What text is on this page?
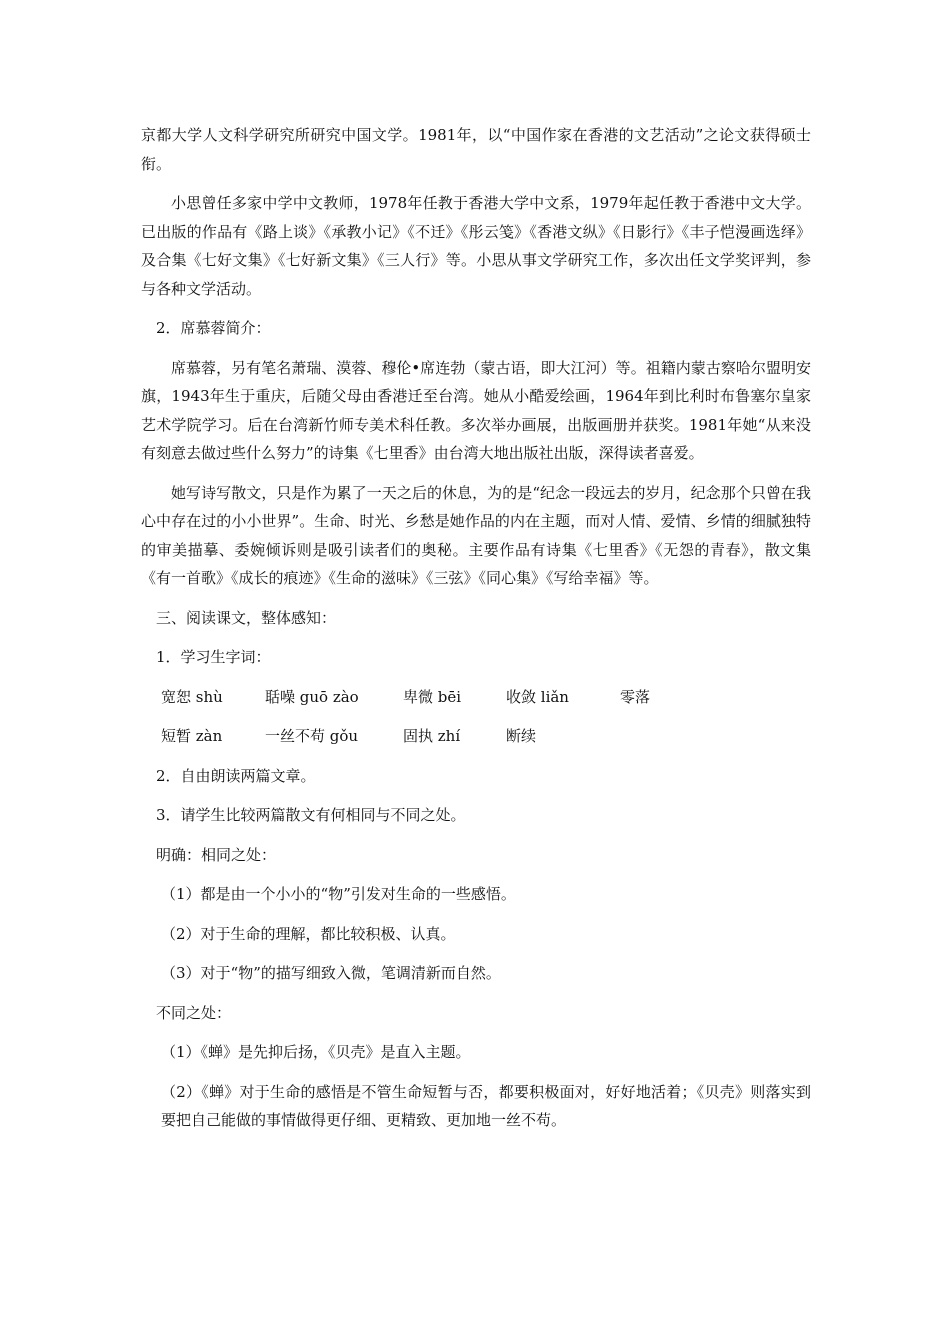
京都大学人文科学研究所研究中国文学。1981年，以“中国作家在香港的文艺活动”之论文获得硕士衔。

小思曾任多家中学中文教师，1978年任教于香港大学中文系，1979年起任教于香港中文大学。已出版的作品有《路上谈》《承教小记》《不迁》《彤云笺》《香港文纵》《日影行》《丰子恺漫画选绎》及合集《七好文集》《七好新文集》《三人行》等。小思从事文学研究工作，多次出任文学奖评判，参与各种文学活动。

2．席慕蓉简介：

席慕蓉，另有笔名萧瑞、漠蓉、穆伦•席连勃（蒙古语，即大江河）等。祖籍内蒙古察哈尔盟明安旗，1943年生于重庆，后随父母由香港迁至台湾。她从小酷爱绘画，1964年到比利时布鲁塞尔皇家艺术学院学习。后在台湾新竹师专美术科任教。多次举办画展，出版画册并获奖。1981年她“从来没有刻意去做过些什么努力”的诗集《七里香》由台湾大地出版社出版，深得读者喜爱。

她写诗写散文，只是作为累了一天之后的休息，为的是“纪念一段远去的岁月，纪念那个只曾在我心中存在过的小小世界”。生命、时光、乡愁是她作品的内在主题，而对人情、爱情、乡情的细腻独特的审美描摹、委婉倾诉则是吸引读者们的奥秘。主要作品有诗集《七里香》《无怨的青春》，散文集《有一首歌》《成长的痕迹》《生命的滋味》《三弦》《同心集》《写给幸福》等。

三、阅读课文，整体感知：

1．学习生字词：

宽恕 shù	聒噪 guō zào	卑微 bēi	收敛 liǎn	零落
短暂 zàn	一丝不苟 gǒu	固执 zhí	断续

2．自由朗读两篇文章。

3．请学生比较两篇散文有何相同与不同之处。

明确：相同之处：

（1）都是由一个小小的“物”引发对生命的一些感悟。

（2）对于生命的理解，都比较积极、认真。

（3）对于“物”的描写细致入微，笔调清新而自然。

不同之处：

（1）《蝉》是先抑后扬，《贝壳》是直入主题。

（2）《蝉》对于生命的感悟是不管生命短暂与否，都要积极面对，好好地活着；《贝壳》则落实到要把自己能做的事情做得更仔细、更精致、更加地一丝不苟。
